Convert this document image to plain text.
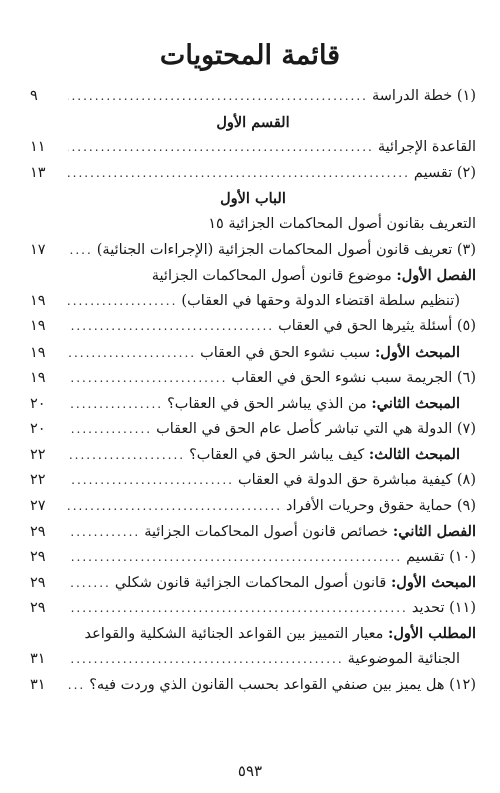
قائمة المحتويات
(١) خطة الدراسة
.....
٩
القسم الأول
القاعدة الإجرائية
.....
١١
(٢) تقسيم
.....
١٣
الباب الأول
التعريف بقانون أصول المحاكمات الجزائية ١٥
(٣) تعريف قانون أصول المحاكمات الجزائية (الإجراءات الجنائية)
.....
١٧
الفصل الأول: موضوع قانون أصول المحاكمات الجزائية
(تنظيم سلطة اقتضاء الدولة وحقها في العقاب)
.....
١٩
(٥) أسئلة يثيرها الحق في العقاب
.....
١٩
المبحث الأول: سبب نشوء الحق في العقاب
.....
١٩
(٦) الجريمة سبب نشوء الحق في العقاب
.....
١٩
المبحث الثاني: من الذي يباشر الحق في العقاب؟
.....
٢٠
(٧) الدولة هي التي تباشر كأصل عام الحق في العقاب
.....
٢٠
المبحث الثالث: كيف يباشر الحق في العقاب؟
.....
٢٢
(٨) كيفية مباشرة حق الدولة في العقاب
.....
٢٢
(٩) حماية حقوق وحريات الأفراد
.....
٢٧
الفصل الثاني: خصائص قانون أصول المحاكمات الجزائية
.....
٢٩
(١٠) تقسيم
.....
٢٩
المبحث الأول: قانون أصول المحاكمات الجزائية قانون شكلي
.....
٢٩
(١١) تحديد
.....
٢٩
المطلب الأول: معيار التمييز بين القواعد الجنائية الشكلية والقواعد
الجنائية الموضوعية
.....
٣١
(١٢) هل يميز بين صنفي القواعد بحسب القانون الذي وردت فيه؟
.....
٣١
٥٩٣
